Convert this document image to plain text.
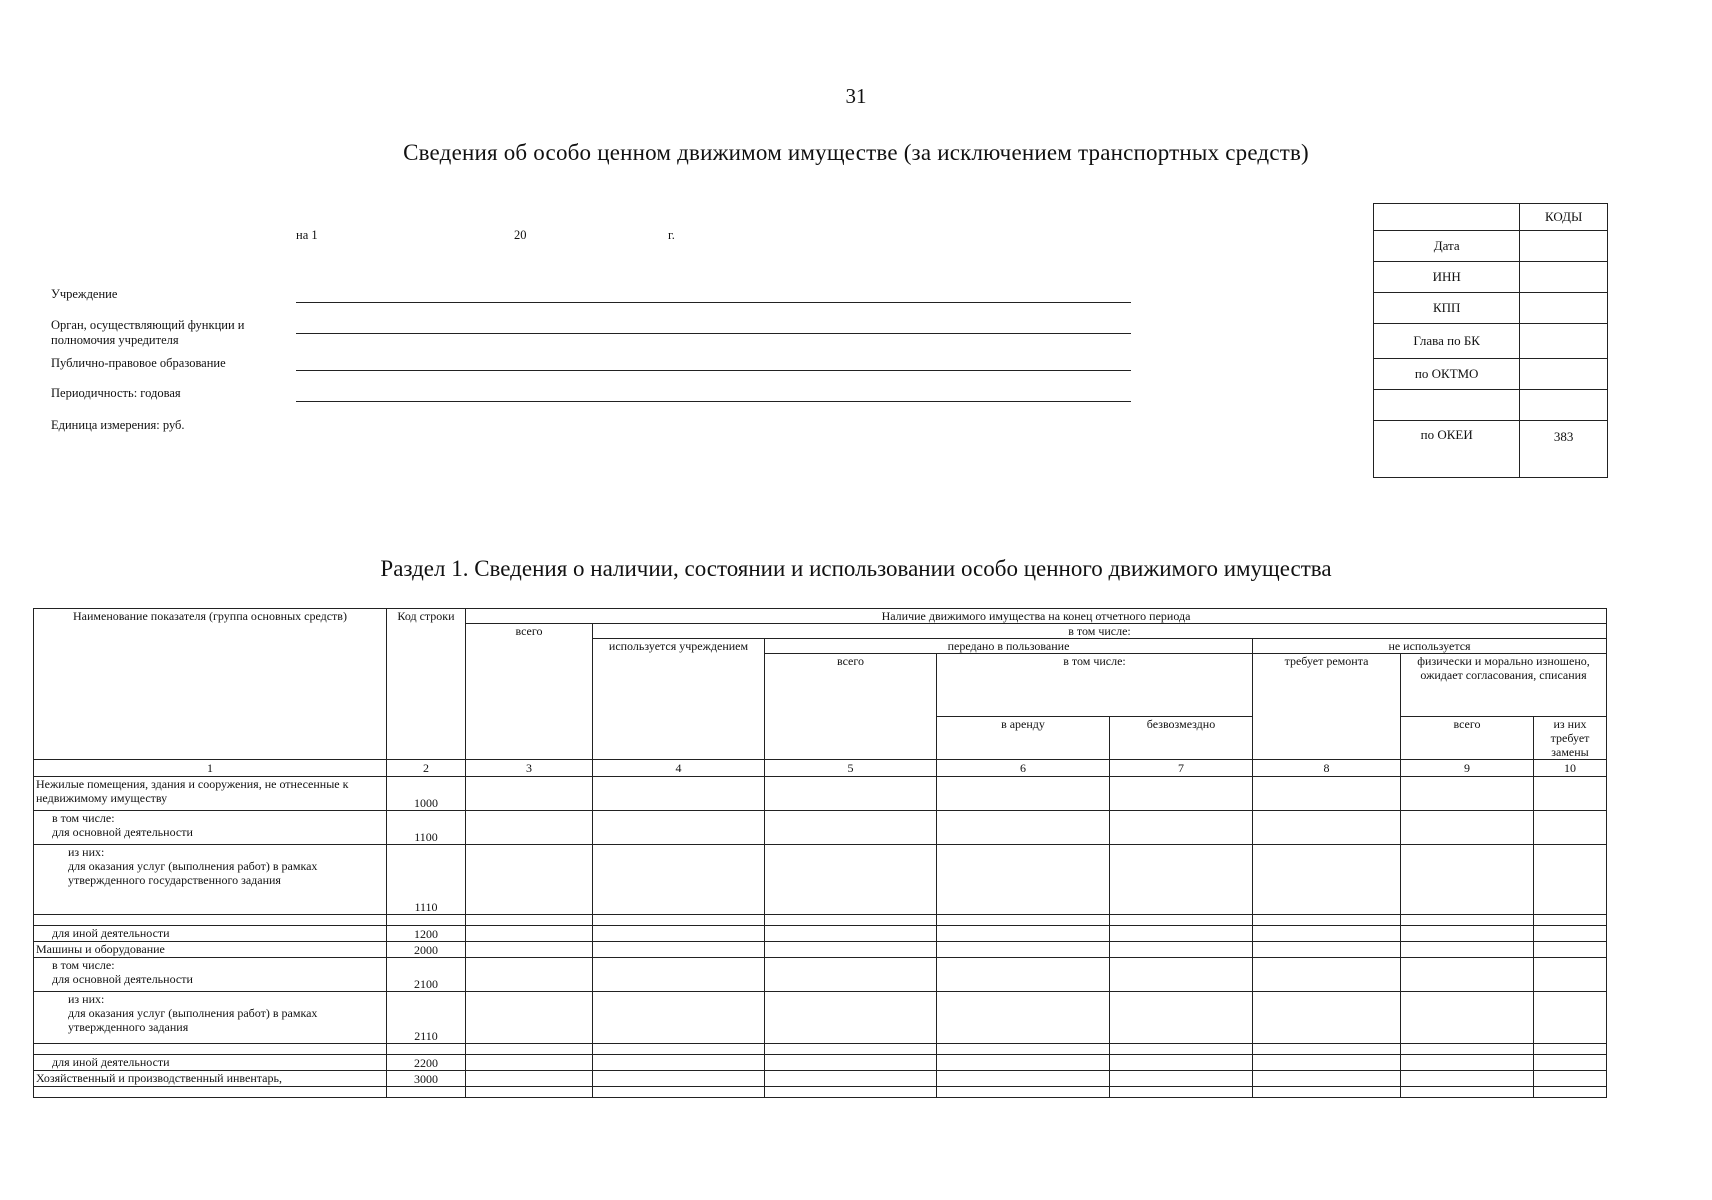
31
Сведения об особо ценном движимом имуществе (за исключением транспортных средств)
на 1	20	г.
Учреждение
Орган, осуществляющий функции и полномочия учредителя
Публично-правовое образование
Периодичность: годовая
Единица измерения: руб.
	КОДЫ
Дата	
ИНН	
КПП	
Глава по БК	
по ОКТМО	

по ОКЕИ	383
Раздел 1. Сведения о наличии, состоянии и использовании особо ценного движимого имущества
Наименование показателя (группа основных средств)	Код строки	Наличие движимого имущества на конец отчетного периода							
		всего	в том числе:						
			используется учреждением	передано в пользование			не используется		
				всего	в том числе:		требует ремонта	физически и морально изношено, ожидает согласования, списания	
					в аренду	безвозмездно		всего	из них требует замены
1	2	3	4	5	6	7	8	9	10
Нежилые помещения, здания и сооружения, не отнесенные к недвижимому имуществу	1000								

в том числе:
для основной деятельности	1100								

из них:
для оказания услуг (выполнения работ) в рамках утвержденного государственного задания	1110								

для иной деятельности	1200								
Машины и оборудование	2000								

в том числе:
для основной деятельности	2100								

из них:
для оказания услуг (выполнения работ) в рамках утвержденного задания	2110								

для иной деятельности	2200								
Хозяйственный и производственный инвентарь,	3000								
